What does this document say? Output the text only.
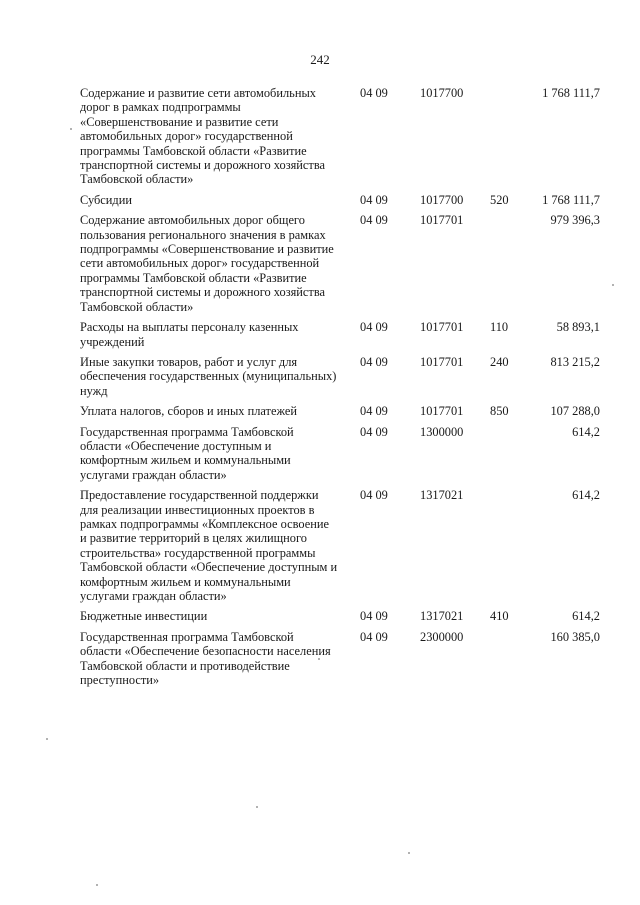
242
Содержание и развитие сети автомобильных дорог в рамках подпрограммы «Совершенствование и развитие сети автомобильных дорог» государственной программы Тамбовской области «Развитие транспортной системы и дорожного хозяйства Тамбовской области»	04 09	1017700		1 768 111,7
Субсидии	04 09	1017700	520	1 768 111,7
Содержание автомобильных дорог общего пользования регионального значения в рамках подпрограммы «Совершенствование и развитие сети автомобильных дорог» государственной программы Тамбовской области «Развитие транспортной системы и дорожного хозяйства Тамбовской области»	04 09	1017701		979 396,3
Расходы на выплаты персоналу казенных учреждений	04 09	1017701	110	58 893,1
Иные закупки товаров, работ и услуг для обеспечения государственных (муниципальных) нужд	04 09	1017701	240	813 215,2
Уплата налогов, сборов и иных платежей	04 09	1017701	850	107 288,0
Государственная программа Тамбовской области «Обеспечение доступным и комфортным жильем и коммунальными услугами граждан области»	04 09	1300000		614,2
Предоставление государственной поддержки для реализации инвестиционных проектов в рамках подпрограммы «Комплексное освоение и развитие территорий в целях жилищного строительства» государственной программы Тамбовской области «Обеспечение доступным и комфортным жильем и коммунальными услугами граждан области»	04 09	1317021		614,2
Бюджетные инвестиции	04 09	1317021	410	614,2
Государственная программа Тамбовской области «Обеспечение безопасности населения Тамбовской области и противодействие преступности»	04 09	2300000		160 385,0
